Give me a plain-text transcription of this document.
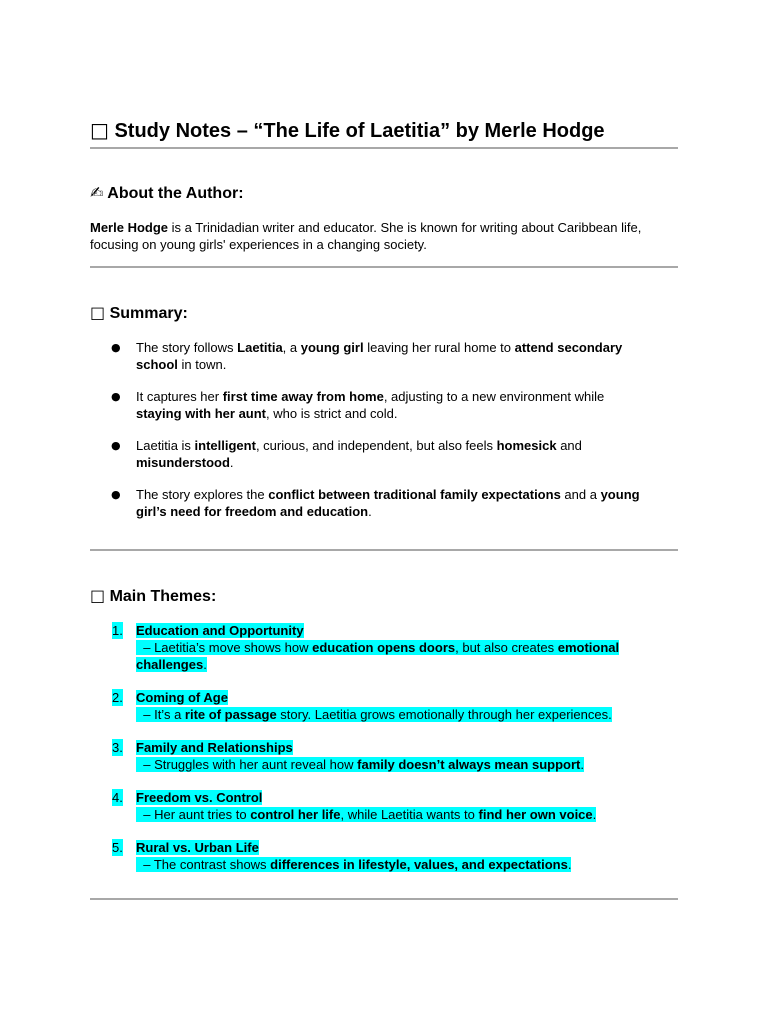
□ Study Notes – “The Life of Laetitia” by Merle Hodge
✍ About the Author:
Merle Hodge is a Trinidadian writer and educator. She is known for writing about Caribbean life,
focusing on young girls' experiences in a changing society.
□ Summary:
● The story follows Laetitia, a young girl leaving her rural home to attend secondary
school in town.
● It captures her first time away from home, adjusting to a new environment while
staying with her aunt, who is strict and cold.
● Laetitia is intelligent, curious, and independent, but also feels homesick and
misunderstood.
● The story explores the conflict between traditional family expectations and a young
girl’s need for freedom and education.
□ Main Themes:
1. Education and Opportunity
– Laetitia’s move shows how education opens doors, but also creates emotional
challenges.
2. Coming of Age
– It’s a rite of passage story. Laetitia grows emotionally through her experiences.
3. Family and Relationships
– Struggles with her aunt reveal how family doesn’t always mean support.
4. Freedom vs. Control
– Her aunt tries to control her life, while Laetitia wants to find her own voice.
5. Rural vs. Urban Life
– The contrast shows differences in lifestyle, values, and expectations.
